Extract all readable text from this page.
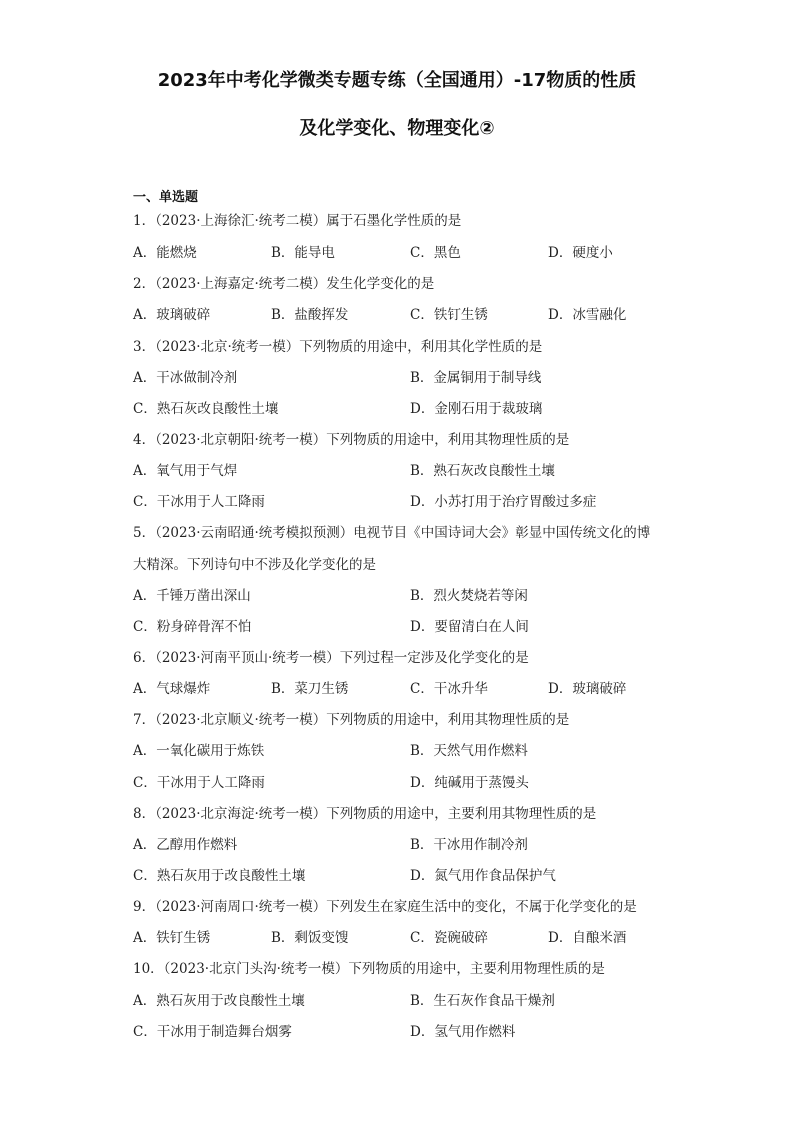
2023年中考化学微类专题专练（全国通用）-17物质的性质
及化学变化、物理变化②
一、单选题
1．（2023·上海徐汇·统考二模）属于石墨化学性质的是
A．能燃烧	B．能导电	C．黑色	D．硬度小
2．（2023·上海嘉定·统考二模）发生化学变化的是
A．玻璃破碎	B．盐酸挥发	C．铁钉生锈	D．冰雪融化
3．（2023·北京·统考一模）下列物质的用途中，利用其化学性质的是
A．干冰做制冷剂	B．金属铜用于制导线
C．熟石灰改良酸性土壤	D．金刚石用于裁玻璃
4．（2023·北京朝阳·统考一模）下列物质的用途中，利用其物理性质的是
A．氧气用于气焊	B．熟石灰改良酸性土壤
C．干冰用于人工降雨	D．小苏打用于治疗胃酸过多症
5．（2023·云南昭通·统考模拟预测）电视节目《中国诗词大会》彰显中国传统文化的博
大精深。下列诗句中不涉及化学变化的是
A．千锤万凿出深山	B．烈火焚烧若等闲
C．粉身碎骨浑不怕	D．要留清白在人间
6．（2023·河南平顶山·统考一模）下列过程一定涉及化学变化的是
A．气球爆炸	B．菜刀生锈	C．干冰升华	D．玻璃破碎
7．（2023·北京顺义·统考一模）下列物质的用途中，利用其物理性质的是
A．一氧化碳用于炼铁	B．天然气用作燃料
C．干冰用于人工降雨	D．纯碱用于蒸馒头
8．（2023·北京海淀·统考一模）下列物质的用途中，主要利用其物理性质的是
A．乙醇用作燃料	B．干冰用作制冷剂
C．熟石灰用于改良酸性土壤	D．氮气用作食品保护气
9．（2023·河南周口·统考一模）下列发生在家庭生活中的变化，不属于化学变化的是
A．铁钉生锈	B．剩饭变馊	C．瓷碗破碎	D．自酿米酒
10．（2023·北京门头沟·统考一模）下列物质的用途中，主要利用物理性质的是
A．熟石灰用于改良酸性土壤	B．生石灰作食品干燥剂
C．干冰用于制造舞台烟雾	D．氢气用作燃料
